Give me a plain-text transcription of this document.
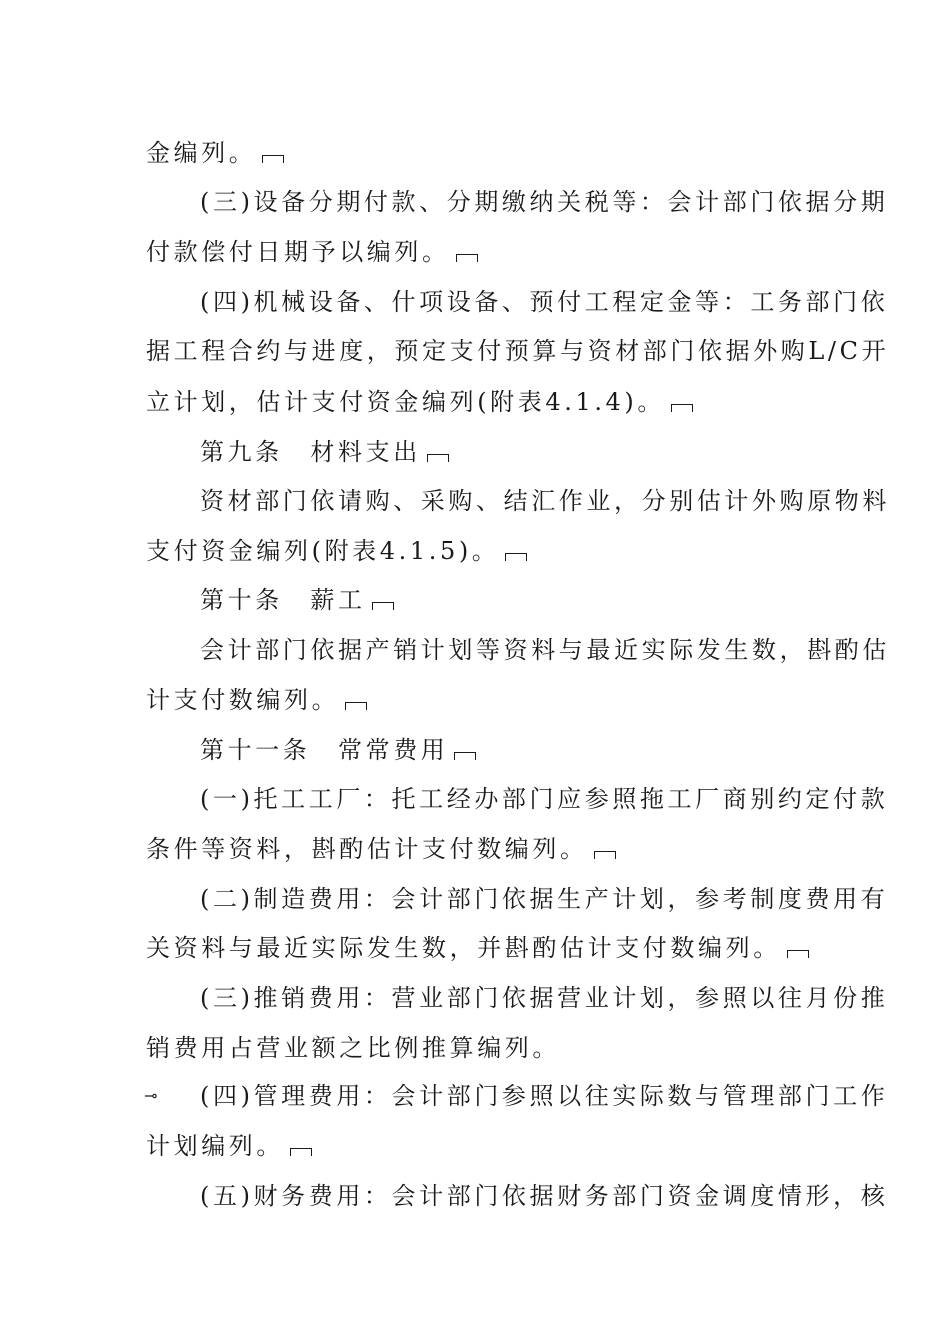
金编列。
(三)设备分期付款、分期缴纳关税等：会计部门依据分期
付款偿付日期予以编列。
(四)机械设备、什项设备、预付工程定金等：工务部门依
据工程合约与进度，预定支付预算与资材部门依据外购L/C开
立计划，估计支付资金编列(附表4.1.4)。
第九条　材料支出
资材部门依请购、采购、结汇作业，分别估计外购原物料
支付资金编列(附表4.1.5)。
第十条　薪工
会计部门依据产销计划等资料与最近实际发生数，斟酌估
计支付数编列。
第十一条　常常费用
(一)托工工厂：托工经办部门应参照拖工厂商别约定付款
条件等资料，斟酌估计支付数编列。
(二)制造费用：会计部门依据生产计划，参考制度费用有
关资料与最近实际发生数，并斟酌估计支付数编列。
(三)推销费用：营业部门依据营业计划，参照以往月份推
销费用占营业额之比例推算编列。
⊸ (四)管理费用：会计部门参照以往实际数与管理部门工作
计划编列。
(五)财务费用：会计部门依据财务部门资金调度情形，核
